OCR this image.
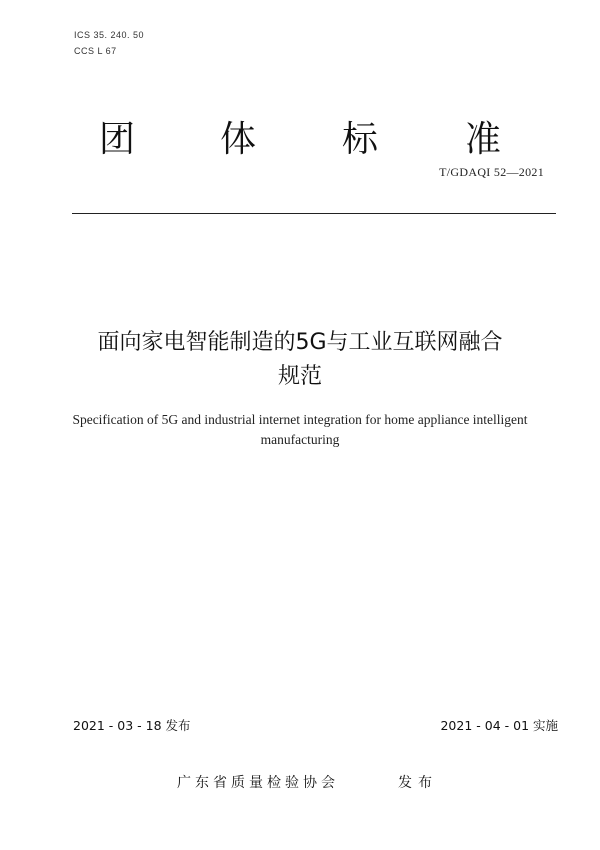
ICS 35. 240. 50
CCS L 67
团 体 标 准
T/GDAQI 52—2021
面向家电智能制造的5G与工业互联网融合
规范
Specification of 5G and industrial internet integration for home appliance intelligent
manufacturing
2021 - 03 - 18 发布	2021 - 04 - 01 实施
广东省质量检验协会	发布
